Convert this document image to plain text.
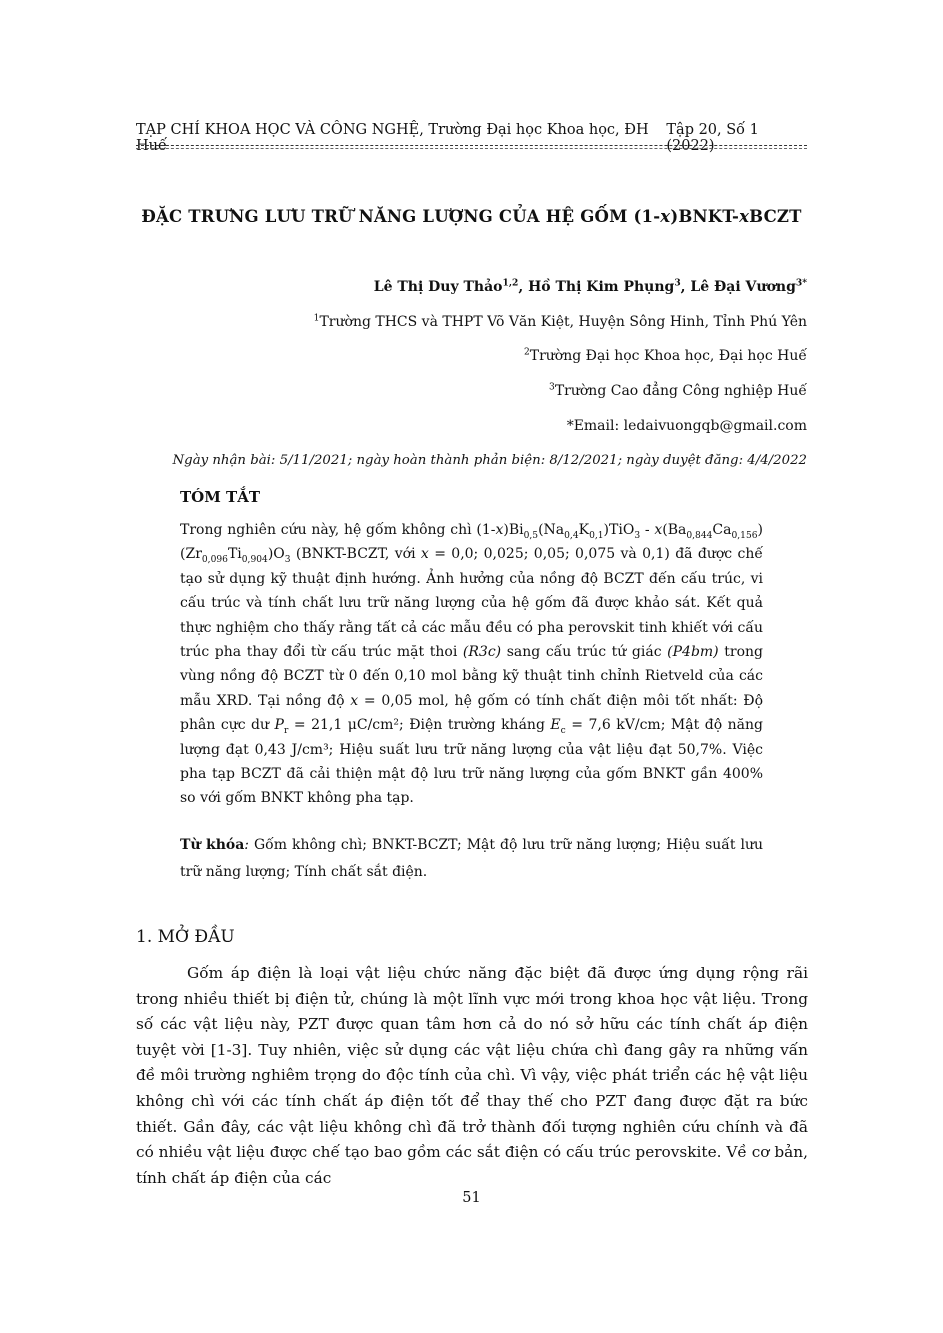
TẠP CHÍ KHOA HỌC VÀ CÔNG NGHỆ, Trường Đại học Khoa học, ĐH Huế
Tập 20, Số 1 (2022)
ĐẶC TRƯNG LƯU TRỮ NĂNG LƯỢNG CỦA HỆ GỐM (1-x)BNKT-xBCZT
Lê Thị Duy Thảo$^{1,2}$, Hồ Thị Kim Phụng$^3$, Lê Đại Vương$^{3*}$
$^1$Trường THCS và THPT Võ Văn Kiệt, Huyện Sông Hinh, Tỉnh Phú Yên
$^2$Trường Đại học Khoa học, Đại học Huế
$^3$Trường Cao đẳng Công nghiệp Huế
*Email: ledaivuongqb@gmail.com
Ngày nhận bài: 5/11/2021; ngày hoàn thành phản biện: 8/12/2021; ngày duyệt đăng: 4/4/2022
TÓM TẮT
Trong nghiên cứu này, hệ gốm không chì $(1-x)Bi_{0,5}(Na_{0,4}K_{0,1})TiO_3 - x(Ba_{0,844}Ca_{0,156})(Zr_{0,096}Ti_{0,904})O_3$ (BNKT-BCZT, với x = 0,0; 0,025; 0,05; 0,075 và 0,1) đã được chế tạo sử dụng kỹ thuật định hướng. Ảnh hưởng của nồng độ BCZT đến cấu trúc, vi cấu trúc và tính chất lưu trữ năng lượng của hệ gốm đã được khảo sát. Kết quả thực nghiệm cho thấy rằng tất cả các mẫu đều có pha perovskit tinh khiết với cấu trúc pha thay đổi từ cấu trúc mặt thoi (R3c) sang cấu trúc tứ giác (P4bm) trong vùng nồng độ BCZT từ 0 đến 0,10 mol bằng kỹ thuật tinh chỉnh Rietveld của các mẫu XRD. Tại nồng độ x = 0,05 mol, hệ gốm có tính chất điện môi tốt nhất: Độ phân cực dư $P_r = 21,1$ μC/cm²; Điện trường kháng $E_c = 7,6$ kV/cm; Mật độ năng lượng đạt 0,43 J/cm³; Hiệu suất lưu trữ năng lượng của vật liệu đạt 50,7%. Việc pha tạp BCZT đã cải thiện mật độ lưu trữ năng lượng của gốm BNKT gần 400% so với gốm BNKT không pha tạp.
Từ khóa: Gốm không chì; BNKT-BCZT; Mật độ lưu trữ năng lượng; Hiệu suất lưu trữ năng lượng; Tính chất sắt điện.
1. MỞ ĐẦU
Gốm áp điện là loại vật liệu chức năng đặc biệt đã được ứng dụng rộng rãi trong nhiều thiết bị điện tử, chúng là một lĩnh vực mới trong khoa học vật liệu. Trong số các vật liệu này, PZT được quan tâm hơn cả do nó sở hữu các tính chất áp điện tuyệt vời [1-3]. Tuy nhiên, việc sử dụng các vật liệu chứa chì đang gây ra những vấn đề môi trường nghiêm trọng do độc tính của chì. Vì vậy, việc phát triển các hệ vật liệu không chì với các tính chất áp điện tốt để thay thế cho PZT đang được đặt ra bức thiết. Gần đây, các vật liệu không chì đã trở thành đối tượng nghiên cứu chính và đã có nhiều vật liệu được chế tạo bao gồm các sắt điện có cấu trúc perovskite. Về cơ bản, tính chất áp điện của các
51
